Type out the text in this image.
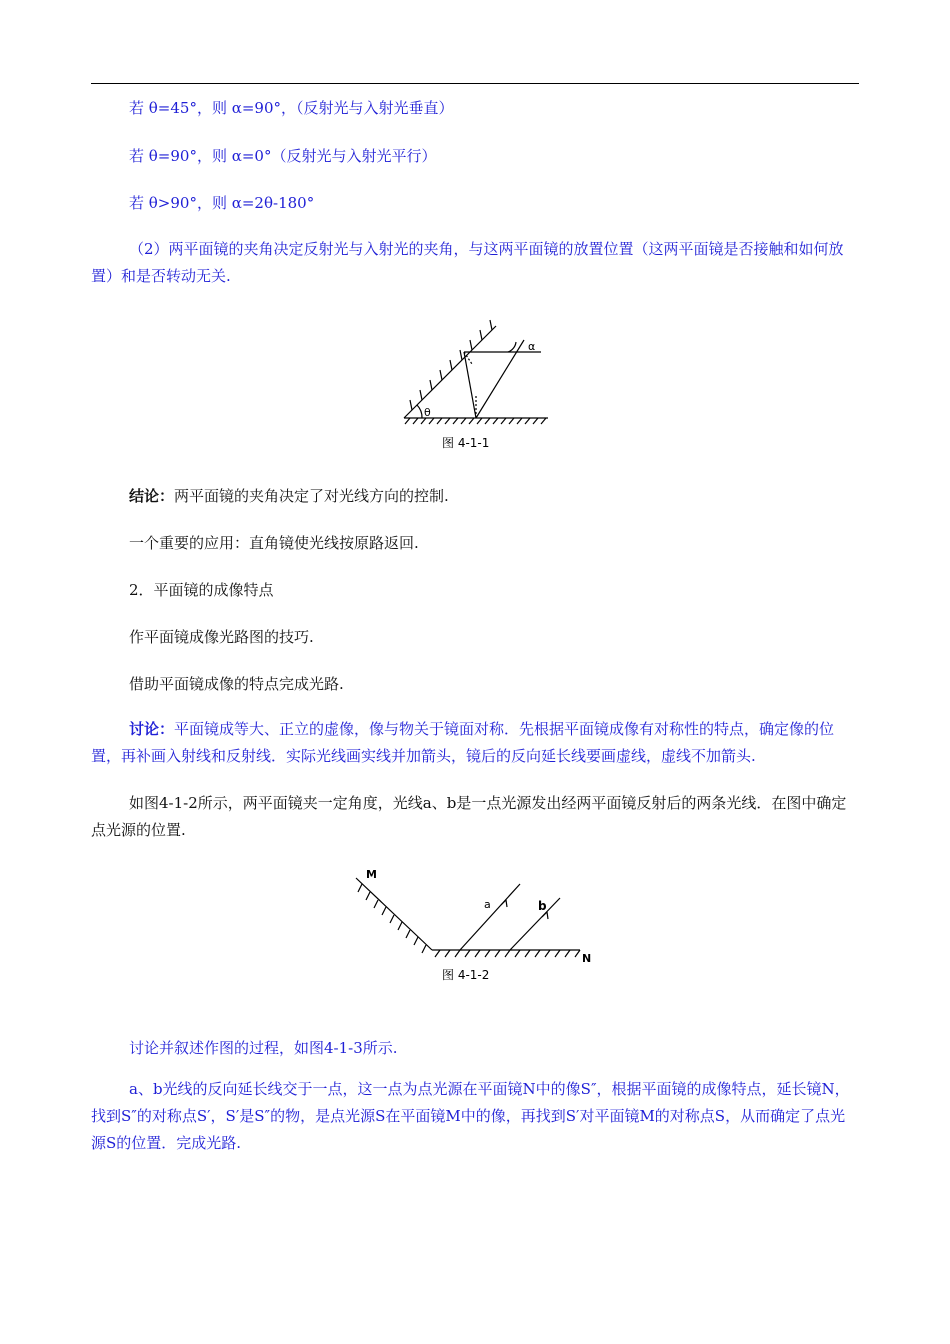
若 θ=45°，则 α=90°，（反射光与入射光垂直）
若 θ=90°，则 α=0°（反射光与入射光平行）
若 θ>90°，则 α=2θ-180°
（2）两平面镜的夹角决定反射光与入射光的夹角，与这两平面镜的放置位置（这两平面镜是否接触和如何放置）和是否转动无关.
θ
α
图 4-1-1
结论：两平面镜的夹角决定了对光线方向的控制.
一个重要的应用：直角镜使光线按原路返回.
2．平面镜的成像特点
作平面镜成像光路图的技巧.
借助平面镜成像的特点完成光路.
讨论：平面镜成等大、正立的虚像，像与物关于镜面对称．先根据平面镜成像有对称性的特点，确定像的位置，再补画入射线和反射线．实际光线画实线并加箭头，镜后的反向延长线要画虚线，虚线不加箭头.
如图4-1-2所示，两平面镜夹一定角度，光线a、b是一点光源发出经两平面镜反射后的两条光线．在图中确定点光源的位置.
M
N
a	b
图 4-1-2
讨论并叙述作图的过程，如图4-1-3所示.
a、b光线的反向延长线交于一点，这一点为点光源在平面镜N中的像S″，根据平面镜的成像特点，延长镜N，找到S″的对称点S′，S′是S″的物，是点光源S在平面镜M中的像，再找到S′对平面镜M的对称点S，从而确定了点光源S的位置．完成光路.
